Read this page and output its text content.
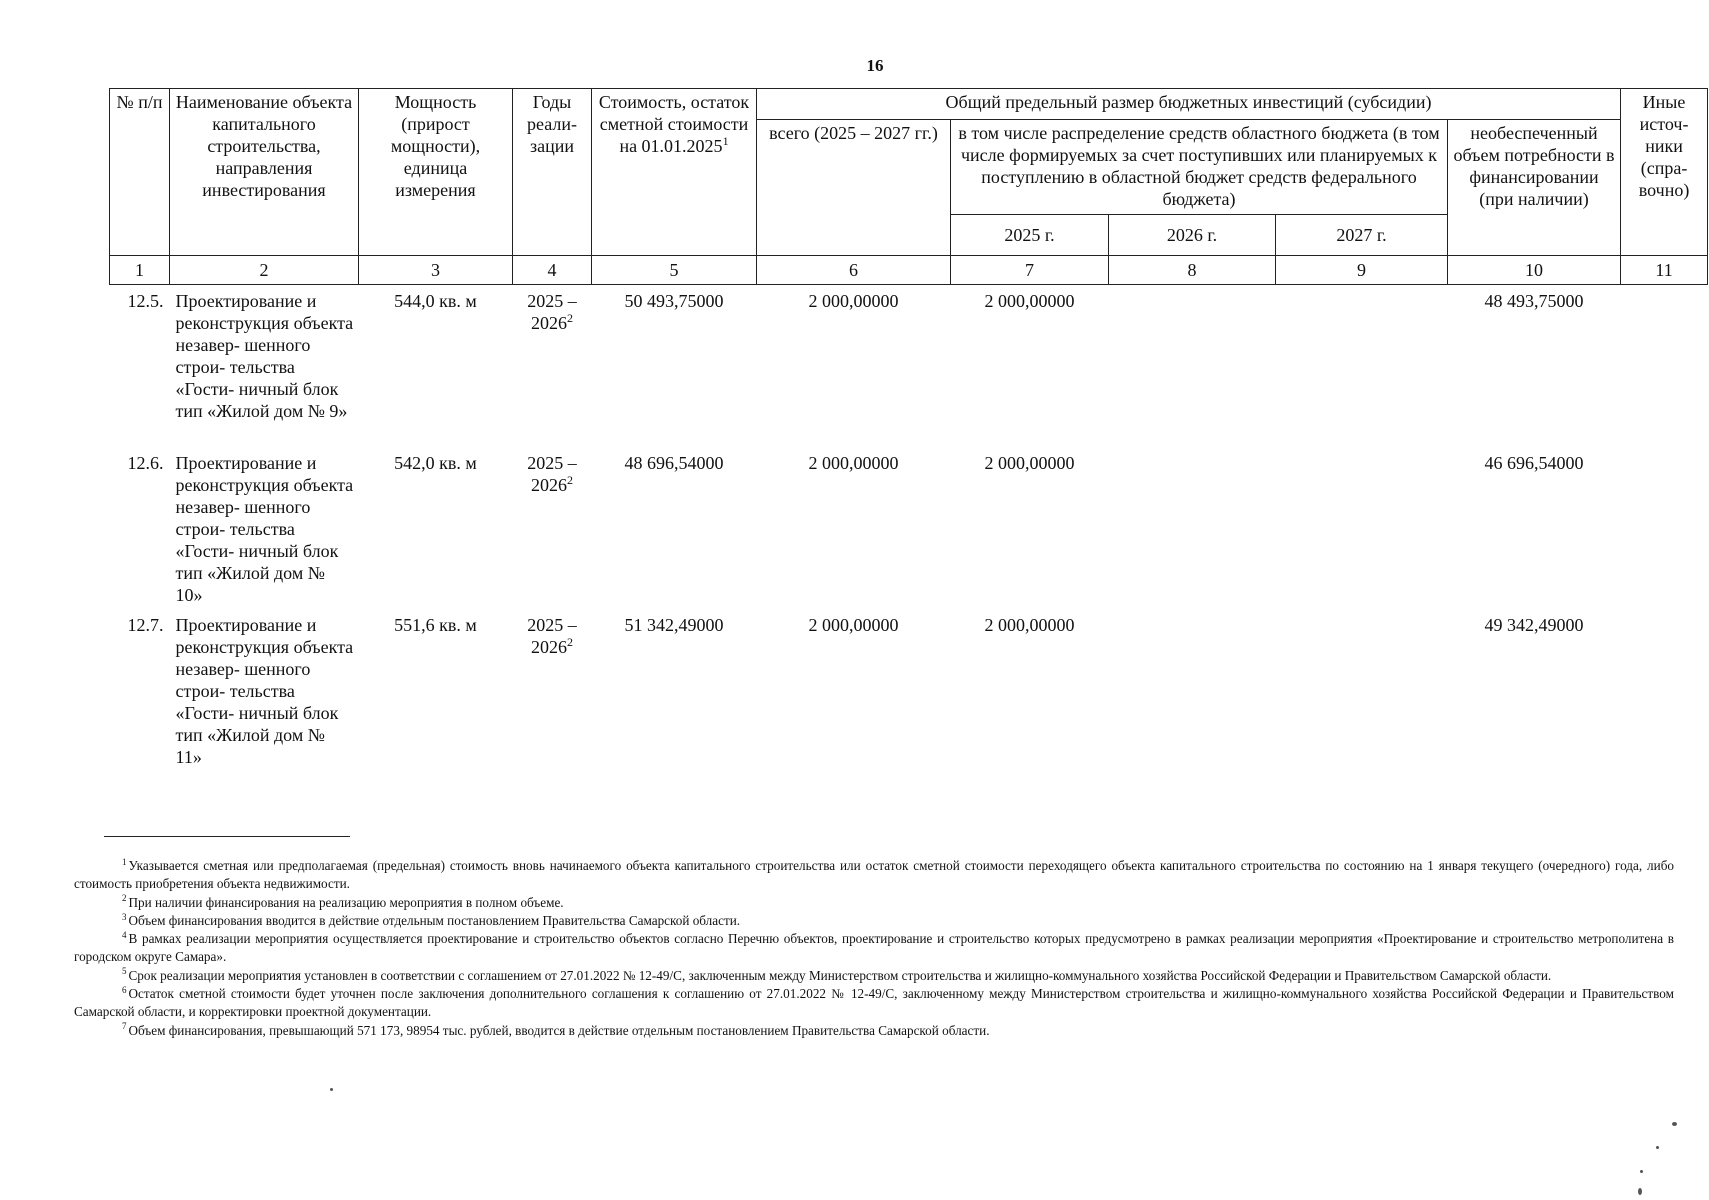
16
№ п/п	Наименование объекта капитального строительства, направления инвестирования	Мощность (прирост мощности), единица измерения	Годы реали- зации	Стоимость, остаток сметной стоимости на 01.01.2025$^1$	Общий предельный размер бюджетных инвестиций (субсидии)					Иные источ- ники (спра- вочно)
					всего (2025 – 2027 гг.)	в том числе распределение средств областного бюджета (в том числе формируемых за счет поступивших или планируемых к поступлению в областной бюджет средств федерального бюджета)			необеспеченный объем потребности в финансировании (при наличии)	
						2025 г.	2026 г.	2027 г.		
1	2	3	4	5	6	7	8	9	10	11
12.5.	Проектирование и реконструкция объекта незавер- шенного строи- тельства «Гости- ничный блок тип «Жилой дом № 9»	544,0 кв. м	2025 – 2026$^2$	50 493,75000	2 000,00000	2 000,00000			48 493,75000	
12.6.	Проектирование и реконструкция объекта незавер- шенного строи- тельства «Гости- ничный блок тип «Жилой дом № 10»	542,0 кв. м	2025 – 2026$^2$	48 696,54000	2 000,00000	2 000,00000			46 696,54000	
12.7.	Проектирование и реконструкция объекта незавер- шенного строи- тельства «Гости- ничный блок тип «Жилой дом № 11»	551,6 кв. м	2025 – 2026$^2$	51 342,49000	2 000,00000	2 000,00000			49 342,49000	

$^1$ Указывается сметная или предполагаемая (предельная) стоимость вновь начинаемого объекта капитального строительства или остаток сметной стоимости переходящего объекта капитального строительства по состоянию на 1 января текущего (очередного) года, либо стоимость приобретения объекта недвижимости.

$^2$ При наличии финансирования на реализацию мероприятия в полном объеме.

$^3$ Объем финансирования вводится в действие отдельным постановлением Правительства Самарской области.

$^4$ В рамках реализации мероприятия осуществляется проектирование и строительство объектов согласно Перечню объектов, проектирование и строительство которых предусмотрено в рамках реализации мероприятия «Проектирование и строительство метрополитена в городском округе Самара».

$^5$ Срок реализации мероприятия установлен в соответствии с соглашением от 27.01.2022 № 12-49/С, заключенным между Министерством строительства и жилищно-коммунального хозяйства Российской Федерации и Правительством Самарской области.

$^6$ Остаток сметной стоимости будет уточнен после заключения дополнительного соглашения к соглашению от 27.01.2022 № 12-49/С, заключенному между Министерством строительства и жилищно-коммунального хозяйства Российской Федерации и Правительством Самарской области, и корректировки проектной документации.

$^7$ Объем финансирования, превышающий 571 173, 98954 тыс. рублей, вводится в действие отдельным постановлением Правительства Самарской области.
